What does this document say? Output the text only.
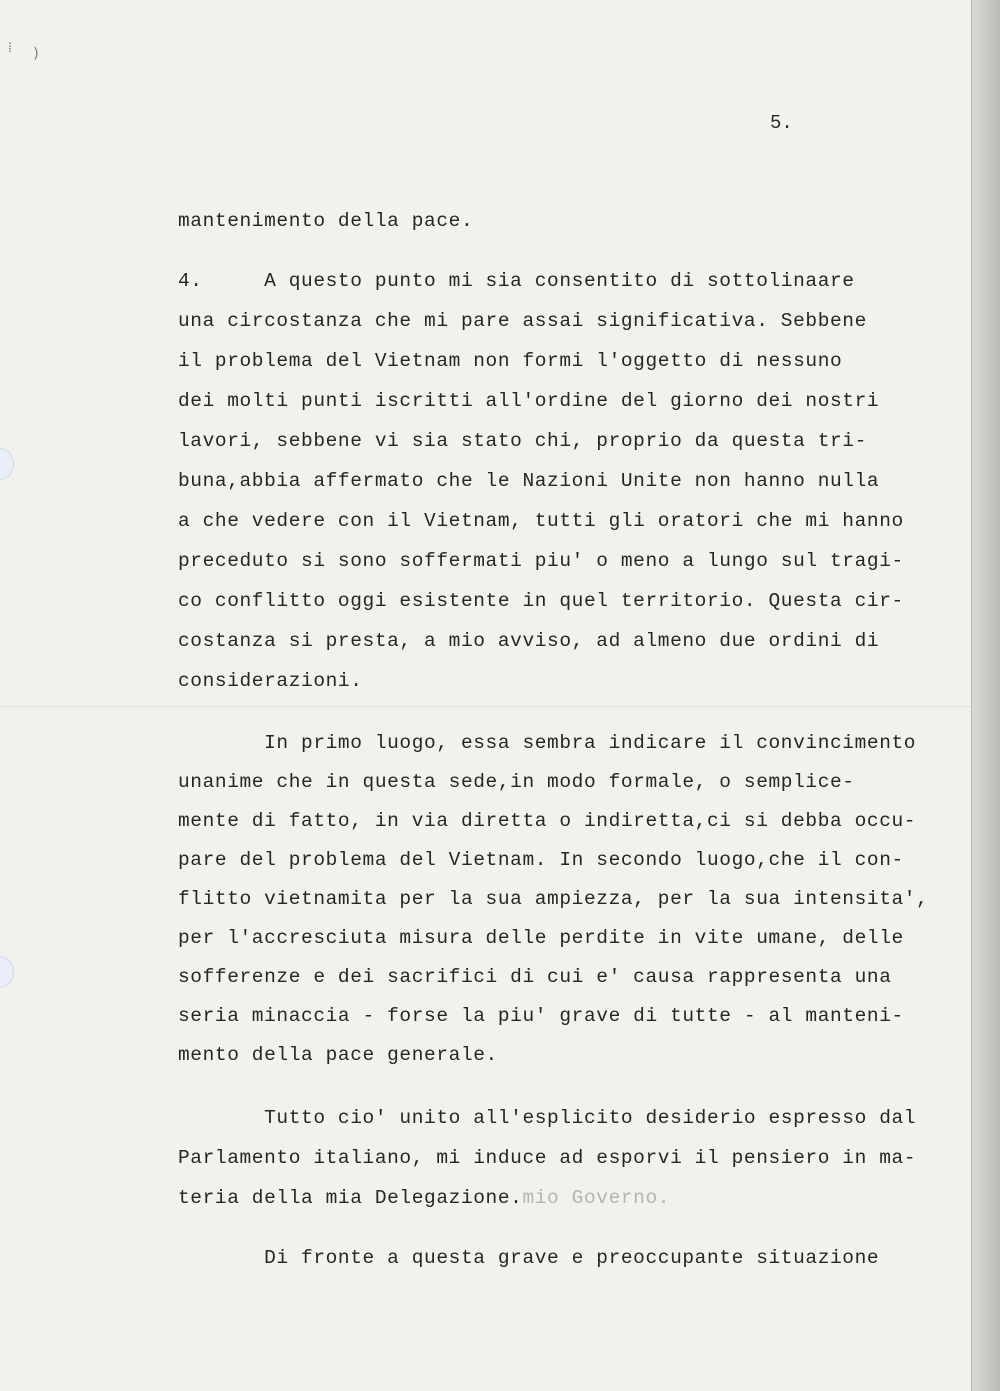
⁞ )
5.
mantenimento della pace.
4.     A questo punto mi sia consentito di sottolinaare
una circostanza che mi pare assai significativa. Sebbene
il problema del Vietnam non formi l'oggetto di nessuno
dei molti punti iscritti all'ordine del giorno dei nostri
lavori, sebbene vi sia stato chi, proprio da questa tri-
buna,abbia affermato che le Nazioni Unite non hanno nulla
a che vedere con il Vietnam, tutti gli oratori che mi hanno
preceduto si sono soffermati piu' o meno a lungo sul tragi-
co conflitto oggi esistente in quel territorio. Questa cir-
costanza si presta, a mio avviso, ad almeno due ordini di
considerazioni.
In primo luogo, essa sembra indicare il convincimento
unanime che in questa sede,in modo formale, o semplice-
mente di fatto, in via diretta o indiretta,ci si debba occu-
pare del problema del Vietnam. In secondo luogo,che il con-
flitto vietnamita per la sua ampiezza, per la sua intensita',
per l'accresciuta misura delle perdite in vite umane, delle
sofferenze e dei sacrifici di cui e' causa rappresenta una
seria minaccia - forse la piu' grave di tutte - al manteni-
mento della pace generale.
Tutto cio' unito all'esplicito desiderio espresso dal
Parlamento italiano, mi induce ad esporvi il pensiero in ma-
teria della mia Delegazione.mio Governo.
Di fronte a questa grave e preoccupante situazione
